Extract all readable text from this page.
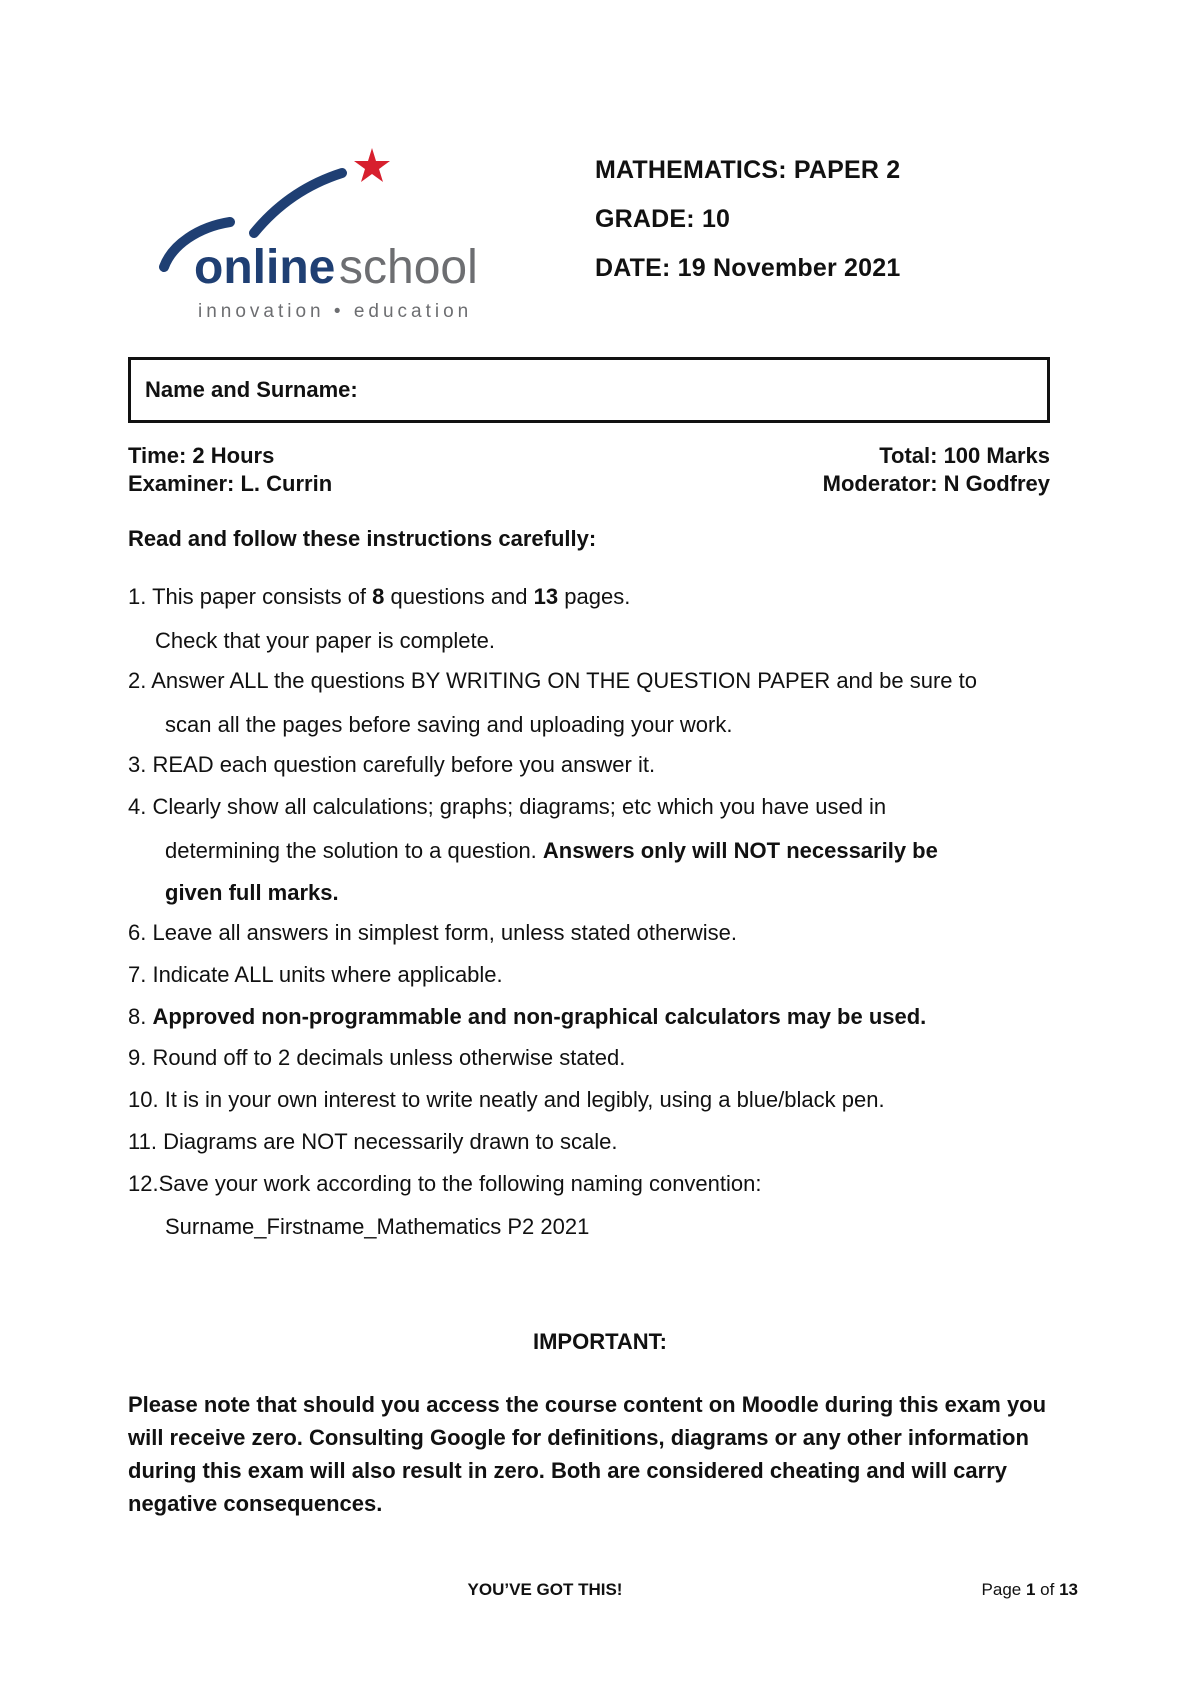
online school
innovation • education
MATHEMATICS: PAPER 2
GRADE: 10
DATE: 19 November 2021
Name and Surname:
Time: 2 Hours	Total: 100 Marks
Examiner: L. Currin	Moderator: N Godfrey
Read and follow these instructions carefully:
1. This paper consists of 8 questions and 13 pages.
Check that your paper is complete.
2. Answer ALL the questions BY WRITING ON THE QUESTION PAPER and be sure to
scan all the pages before saving and uploading your work.
3. READ each question carefully before you answer it.
4. Clearly show all calculations; graphs; diagrams; etc which you have used in
determining the solution to a question. Answers only will NOT necessarily be
given full marks.
6. Leave all answers in simplest form, unless stated otherwise.
7. Indicate ALL units where applicable.
8. Approved non-programmable and non-graphical calculators may be used.
9. Round off to 2 decimals unless otherwise stated.
10. It is in your own interest to write neatly and legibly, using a blue/black pen.
11. Diagrams are NOT necessarily drawn to scale.
12.Save your work according to the following naming convention:
Surname_Firstname_Mathematics P2 2021
IMPORTANT:
Please note that should you access the course content on Moodle during this exam you will receive zero. Consulting Google for definitions, diagrams or any other information during this exam will also result in zero. Both are considered cheating and will carry negative consequences.
YOU’VE GOT THIS!	Page 1 of 13
